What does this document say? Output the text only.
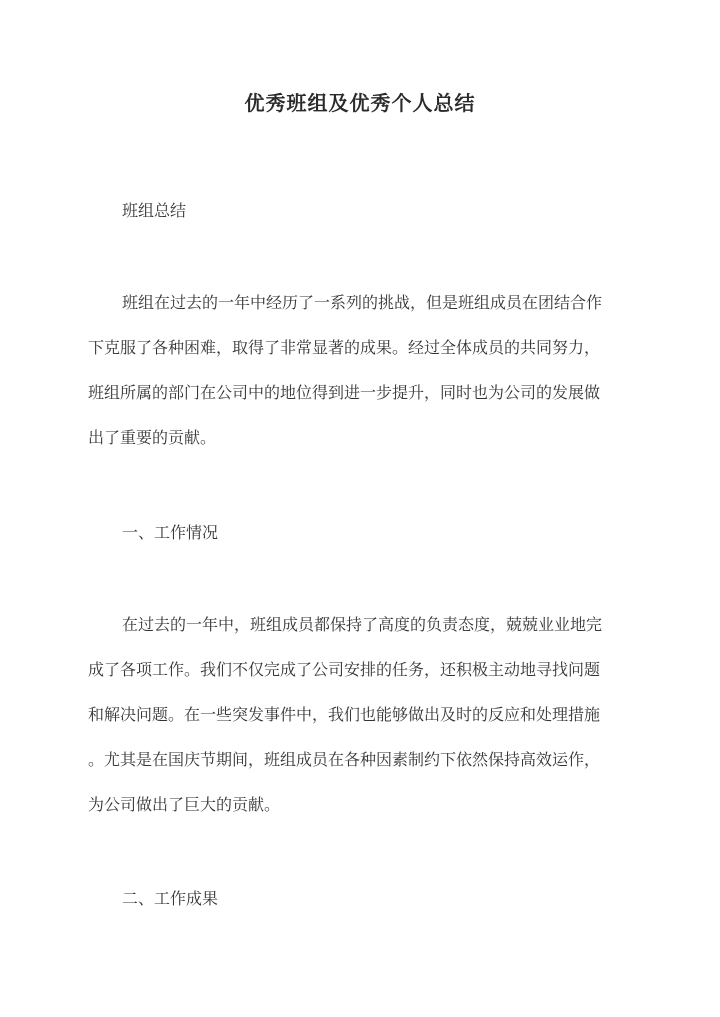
优秀班组及优秀个人总结
班组总结
班组在过去的一年中经历了一系列的挑战，但是班组成员在团结合作
下克服了各种困难，取得了非常显著的成果。经过全体成员的共同努力，
班组所属的部门在公司中的地位得到进一步提升，同时也为公司的发展做
出了重要的贡献。
一、工作情况
在过去的一年中，班组成员都保持了高度的负责态度，兢兢业业地完
成了各项工作。我们不仅完成了公司安排的任务，还积极主动地寻找问题
和解决问题。在一些突发事件中，我们也能够做出及时的反应和处理措施
。尤其是在国庆节期间，班组成员在各种因素制约下依然保持高效运作，
为公司做出了巨大的贡献。
二、工作成果
